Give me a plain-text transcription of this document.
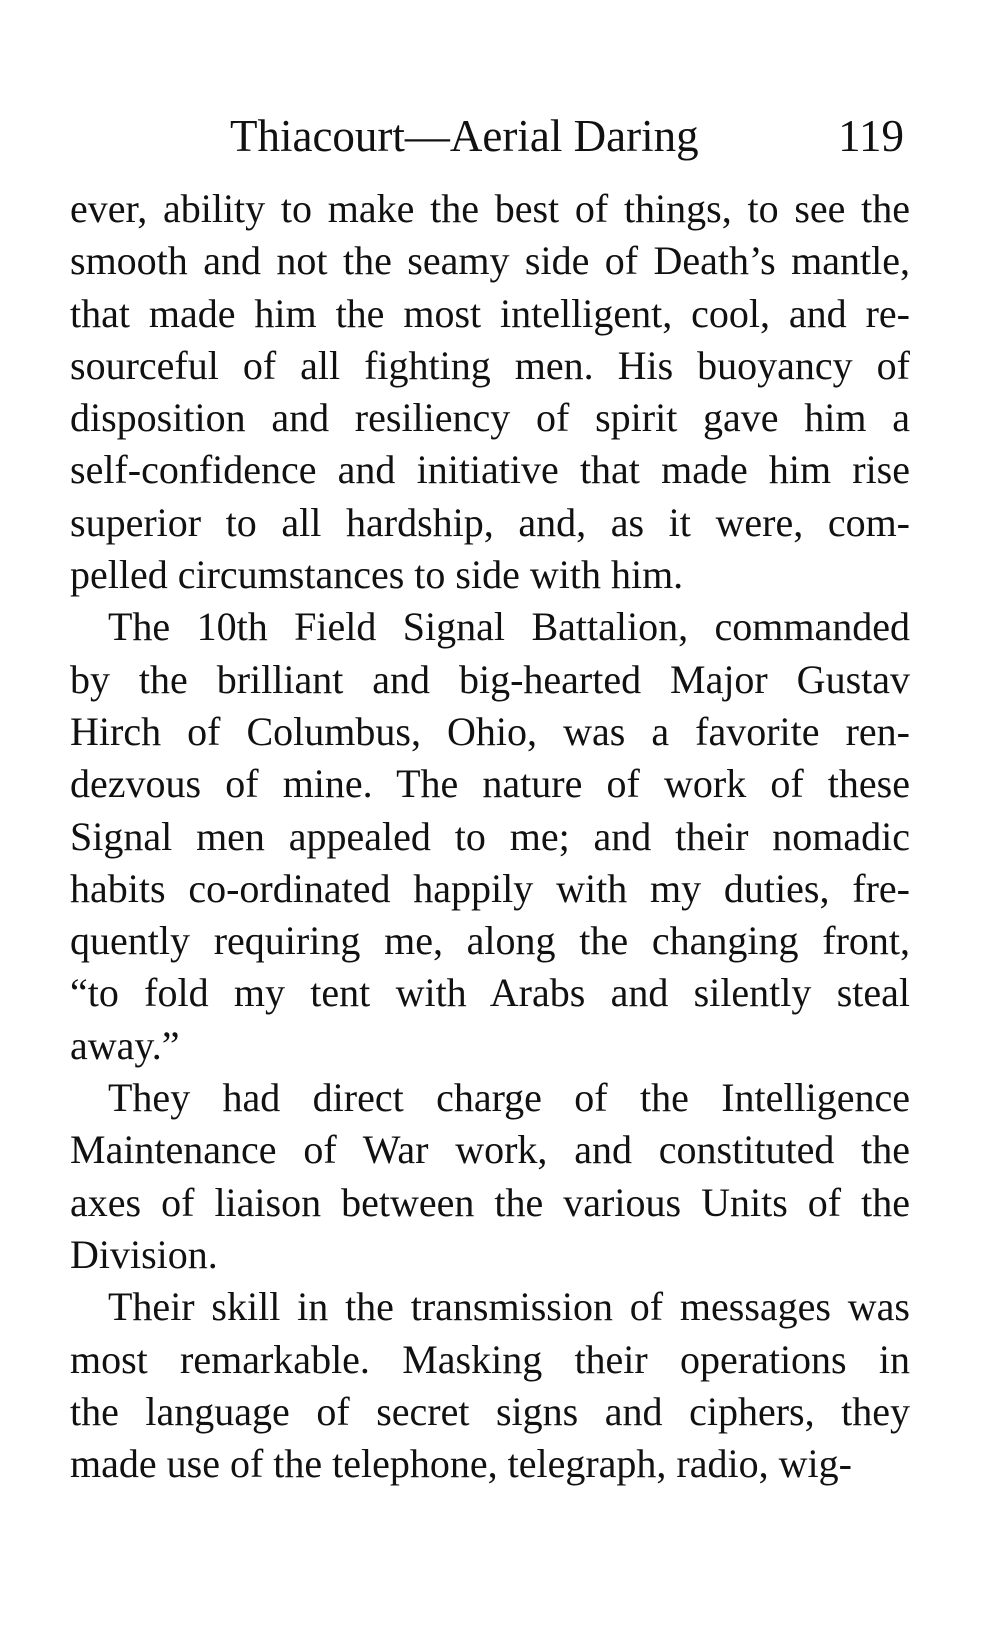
Thiacourt—Aerial Daring	119
ever, ability to make the best of things, to see the
smooth and not the seamy side of Death’s mantle,
that made him the most intelligent, cool, and re-
sourceful of all fighting men. His buoyancy of
disposition and resiliency of spirit gave him a
self-confidence and initiative that made him rise
superior to all hardship, and, as it were, com-
pelled circumstances to side with him.
The 10th Field Signal Battalion, commanded
by the brilliant and big-hearted Major Gustav
Hirch of Columbus, Ohio, was a favorite ren-
dezvous of mine. The nature of work of these
Signal men appealed to me; and their nomadic
habits co-ordinated happily with my duties, fre-
quently requiring me, along the changing front,
“to fold my tent with Arabs and silently steal
away.”
They had direct charge of the Intelligence
Maintenance of War work, and constituted the
axes of liaison between the various Units of the
Division.
Their skill in the transmission of messages was
most remarkable. Masking their operations in
the language of secret signs and ciphers, they
made use of the telephone, telegraph, radio, wig-
